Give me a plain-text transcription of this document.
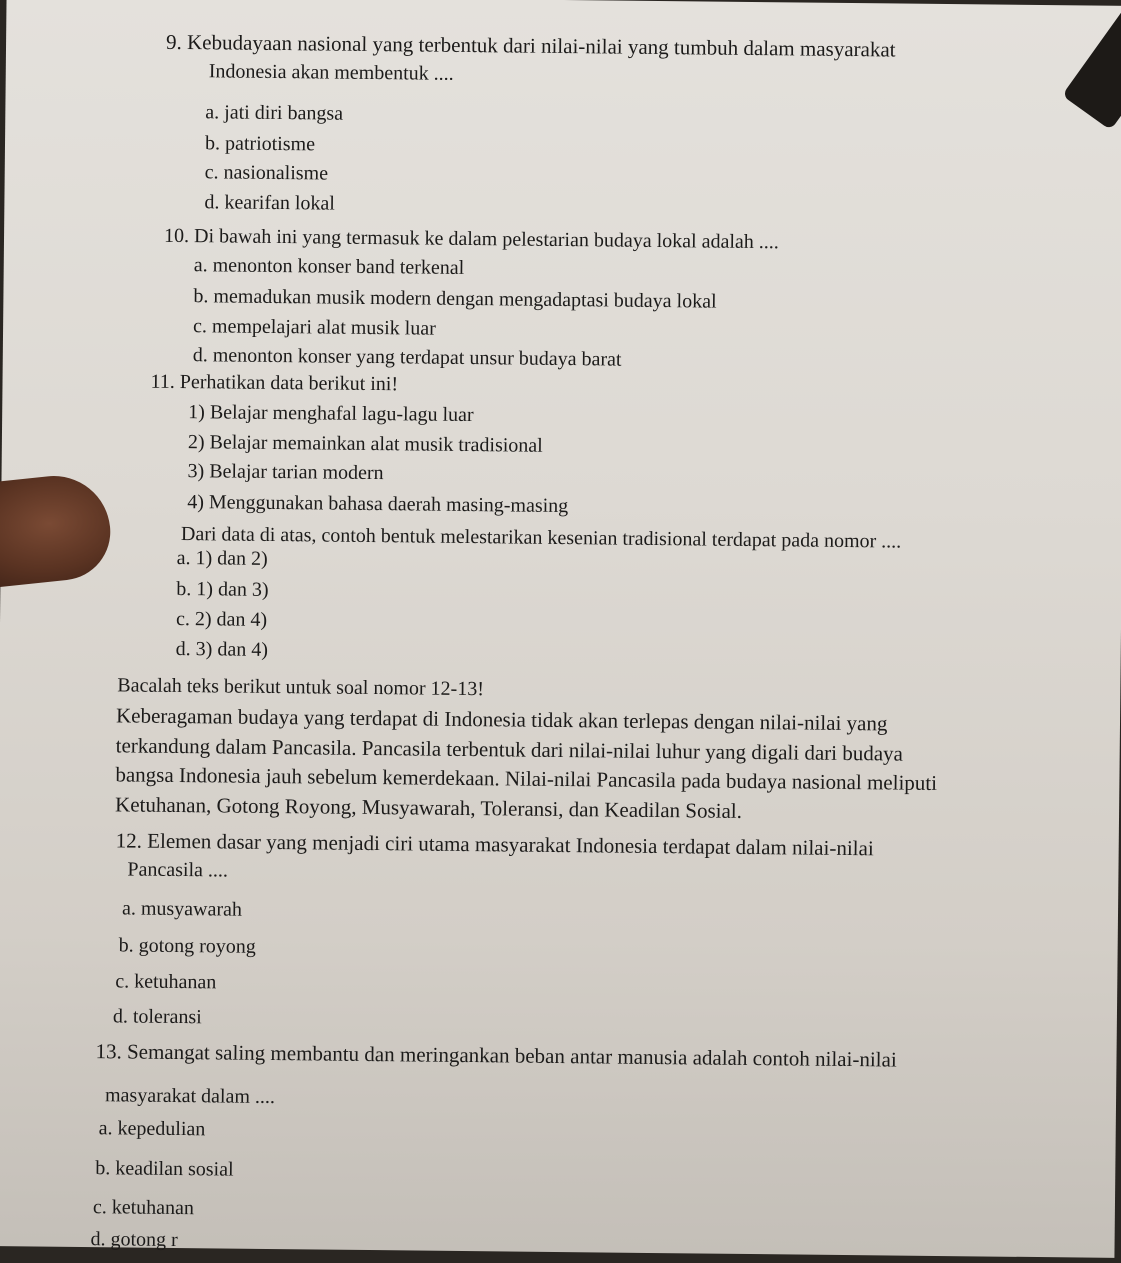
9. Kebudayaan nasional yang terbentuk dari nilai-nilai yang tumbuh dalam masyarakat
Indonesia akan membentuk ....
a. jati diri bangsa
b. patriotisme
c. nasionalisme
d. kearifan lokal
10. Di bawah ini yang termasuk ke dalam pelestarian budaya lokal adalah ....
a. menonton konser band terkenal
b. memadukan musik modern dengan mengadaptasi budaya lokal
c. mempelajari alat musik luar
d. menonton konser yang terdapat unsur budaya barat
11. Perhatikan data berikut ini!
1) Belajar menghafal lagu-lagu luar
2) Belajar memainkan alat musik tradisional
3) Belajar tarian modern
4) Menggunakan bahasa daerah masing-masing
Dari data di atas, contoh bentuk melestarikan kesenian tradisional terdapat pada nomor ....
a. 1) dan 2)
b. 1) dan 3)
c. 2) dan 4)
d. 3) dan 4)
Bacalah teks berikut untuk soal nomor 12-13!
Keberagaman budaya yang terdapat di Indonesia tidak akan terlepas dengan nilai-nilai yang
terkandung dalam Pancasila. Pancasila terbentuk dari nilai-nilai luhur yang digali dari budaya
bangsa Indonesia jauh sebelum kemerdekaan. Nilai-nilai Pancasila pada budaya nasional meliputi
Ketuhanan, Gotong Royong, Musyawarah, Toleransi, dan Keadilan Sosial.
12. Elemen dasar yang menjadi ciri utama masyarakat Indonesia terdapat dalam nilai-nilai
Pancasila ....
a. musyawarah
b. gotong royong
c. ketuhanan
d. toleransi
13. Semangat saling membantu dan meringankan beban antar manusia adalah contoh nilai-nilai
masyarakat dalam ....
a. kepedulian
b. keadilan sosial
c. ketuhanan
d. gotong r
